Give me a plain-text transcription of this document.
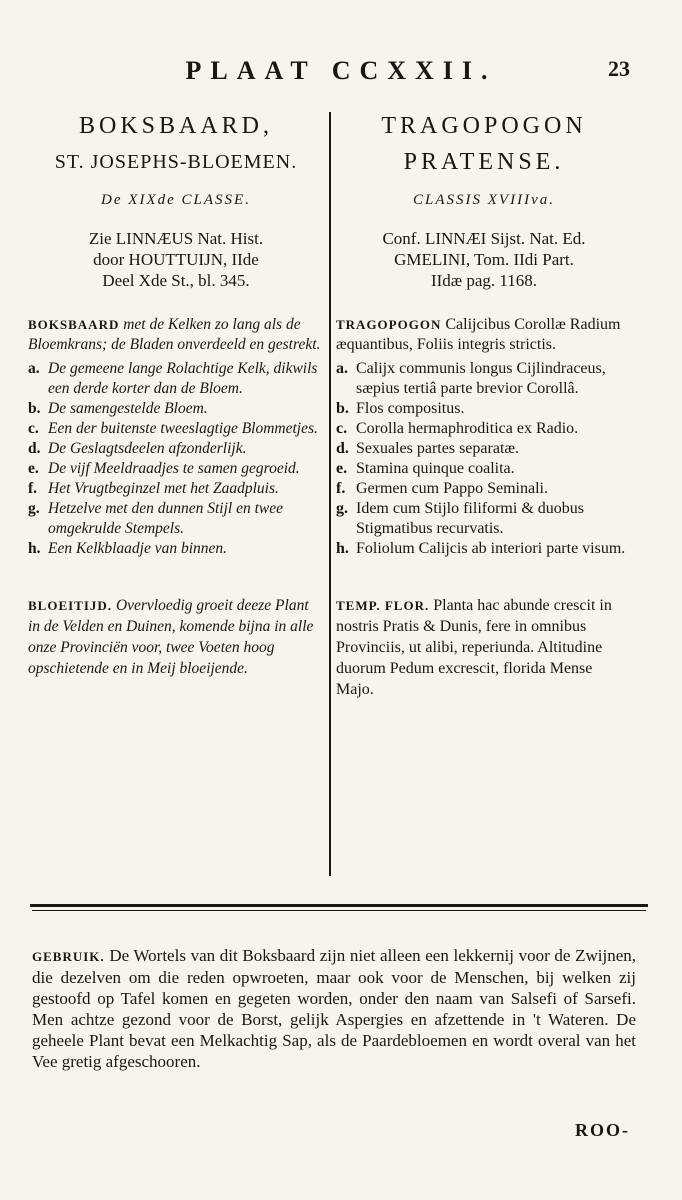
PLAAT CCXXII.	23
BOKSBAARD,
ST. JOSEPHS-BLOEMEN.
De XIXde CLASSE.
Zie LINNÆUS Nat. Hist.
door HOUTTUIJN, IIde
Deel Xde St., bl. 345.
BOKSBAARD met de Kelken zo lang als de Bloemkrans; de Bladen onverdeeld en gestrekt.
a. De gemeene lange Rolachtige Kelk, dikwils een derde korter dan de Bloem.
b. De samengestelde Bloem.
c. Een der buitenste tweeslagtige Blommetjes.
d. De Geslagtsdeelen afzonderlijk.
e. De vijf Meeldraadjes te samen gegroeid.
f. Het Vrugtbeginzel met het Zaadpluis.
g. Hetzelve met den dunnen Stijl en twee omgekrulde Stempels.
h. Een Kelkblaadje van binnen.
BLOEITIJD. Overvloedig groeit deeze Plant in de Velden en Duinen, komende bijna in alle onze Provinciën voor, twee Voeten hoog opschietende en in Meij bloeijende.
TRAGOPOGON
PRATENSE.
CLASSIS XVIIIva.
Conf. LINNÆI Sijst. Nat. Ed.
GMELINI, Tom. IIdi Part.
IIdæ pag. 1168.
TRAGOPOGON Calijcibus Corollæ Radium æquantibus, Foliis integris strictis.
a. Calijx communis longus Cijlindraceus, sæpius tertiâ parte brevior Corollâ.
b. Flos compositus.
c. Corolla hermaphroditica ex Radio.
d. Sexuales partes separatæ.
e. Stamina quinque coalita.
f. Germen cum Pappo Seminali.
g. Idem cum Stijlo filiformi & duobus Stigmatibus recurvatis.
h. Foliolum Calijcis ab interiori parte visum.
TEMP. FLOR. Planta hac abunde crescit in nostris Pratis & Dunis, fere in omnibus Provinciis, ut alibi, reperiunda. Altitudine duorum Pedum excrescit, florida Mense Majo.
GEBRUIK. De Wortels van dit Boksbaard zijn niet alleen een lekkernij voor de Zwijnen, die dezelven om die reden opwroeten, maar ook voor de Menschen, bij welken zij gestoofd op Tafel komen en gegeten worden, onder den naam van Salsefi of Sarsefi. Men achtze gezond voor de Borst, gelijk Aspergies en afzettende in 't Wateren. De geheele Plant bevat een Melkachtig Sap, als de Paardebloemen en wordt overal van het Vee gretig afgeschooren.
ROO-
